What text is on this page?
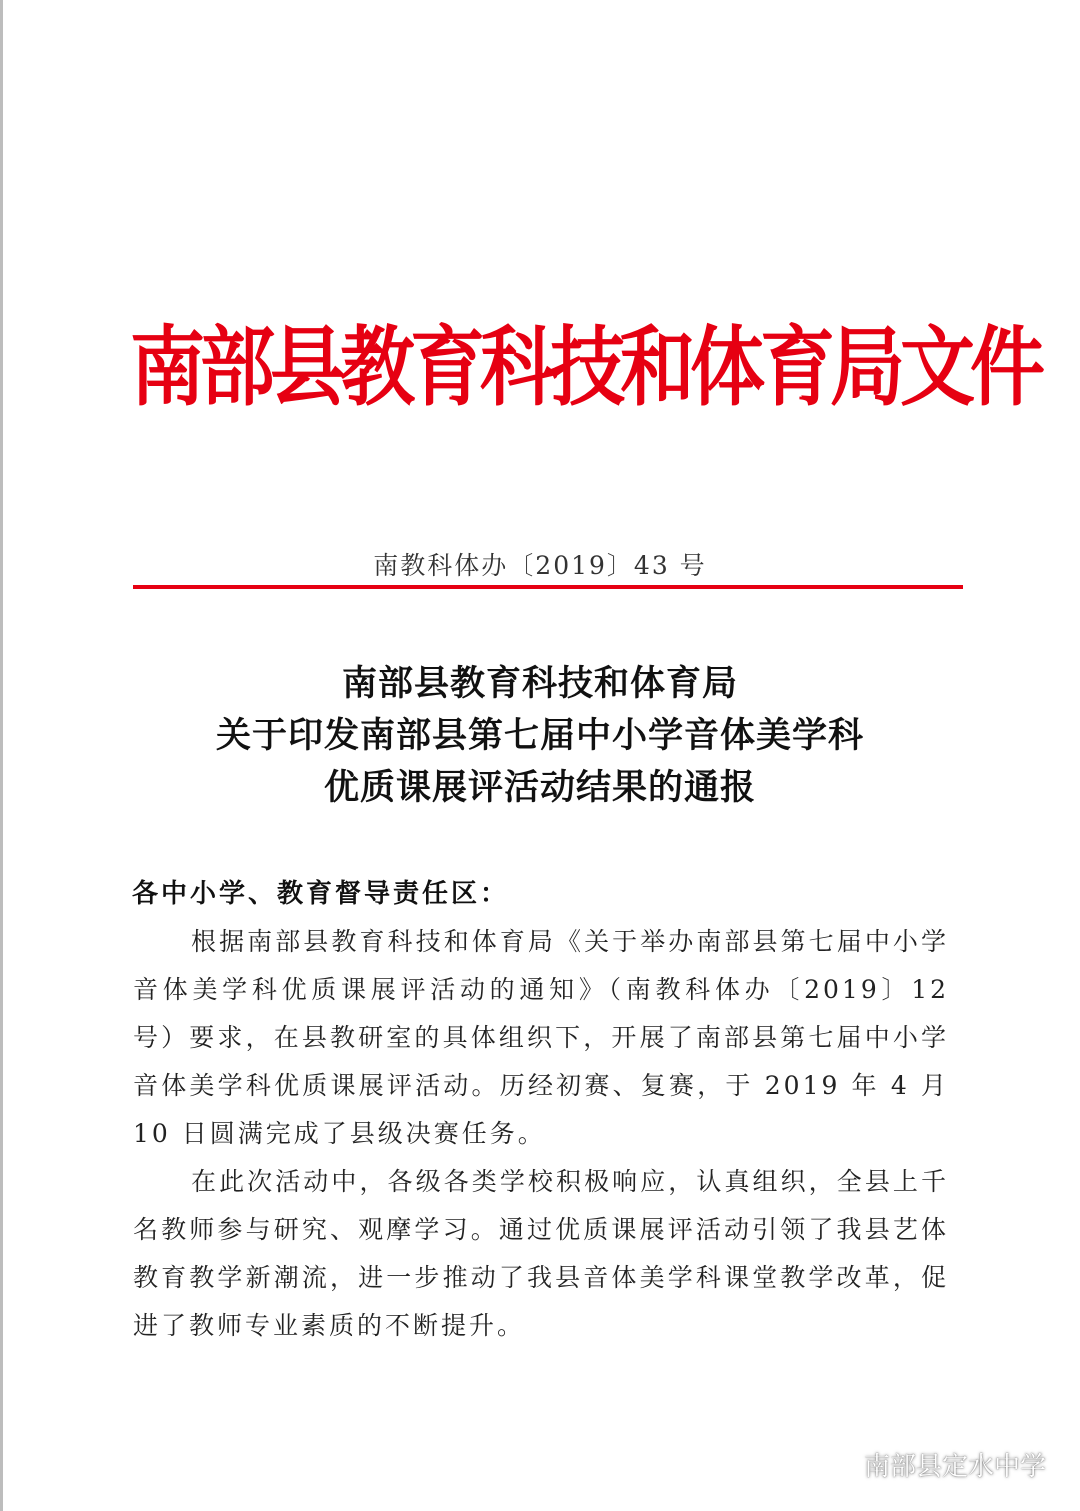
南部县教育科技和体育局文件
南教科体办〔2019〕43 号
南部县教育科技和体育局
关于印发南部县第七届中小学音体美学科
优质课展评活动结果的通报
各中小学、教育督导责任区：

根据南部县教育科技和体育局《关于举办南部县第七届中小学音体美学科优质课展评活动的通知》（南教科体办〔2019〕12号）要求，在县教研室的具体组织下，开展了南部县第七届中小学音体美学科优质课展评活动。历经初赛、复赛，于 2019 年 4 月10 日圆满完成了县级决赛任务。

在此次活动中，各级各类学校积极响应，认真组织，全县上千名教师参与研究、观摩学习。通过优质课展评活动引领了我县艺体教育教学新潮流，进一步推动了我县音体美学科课堂教学改革，促进了教师专业素质的不断提升。

南部县定水中学
